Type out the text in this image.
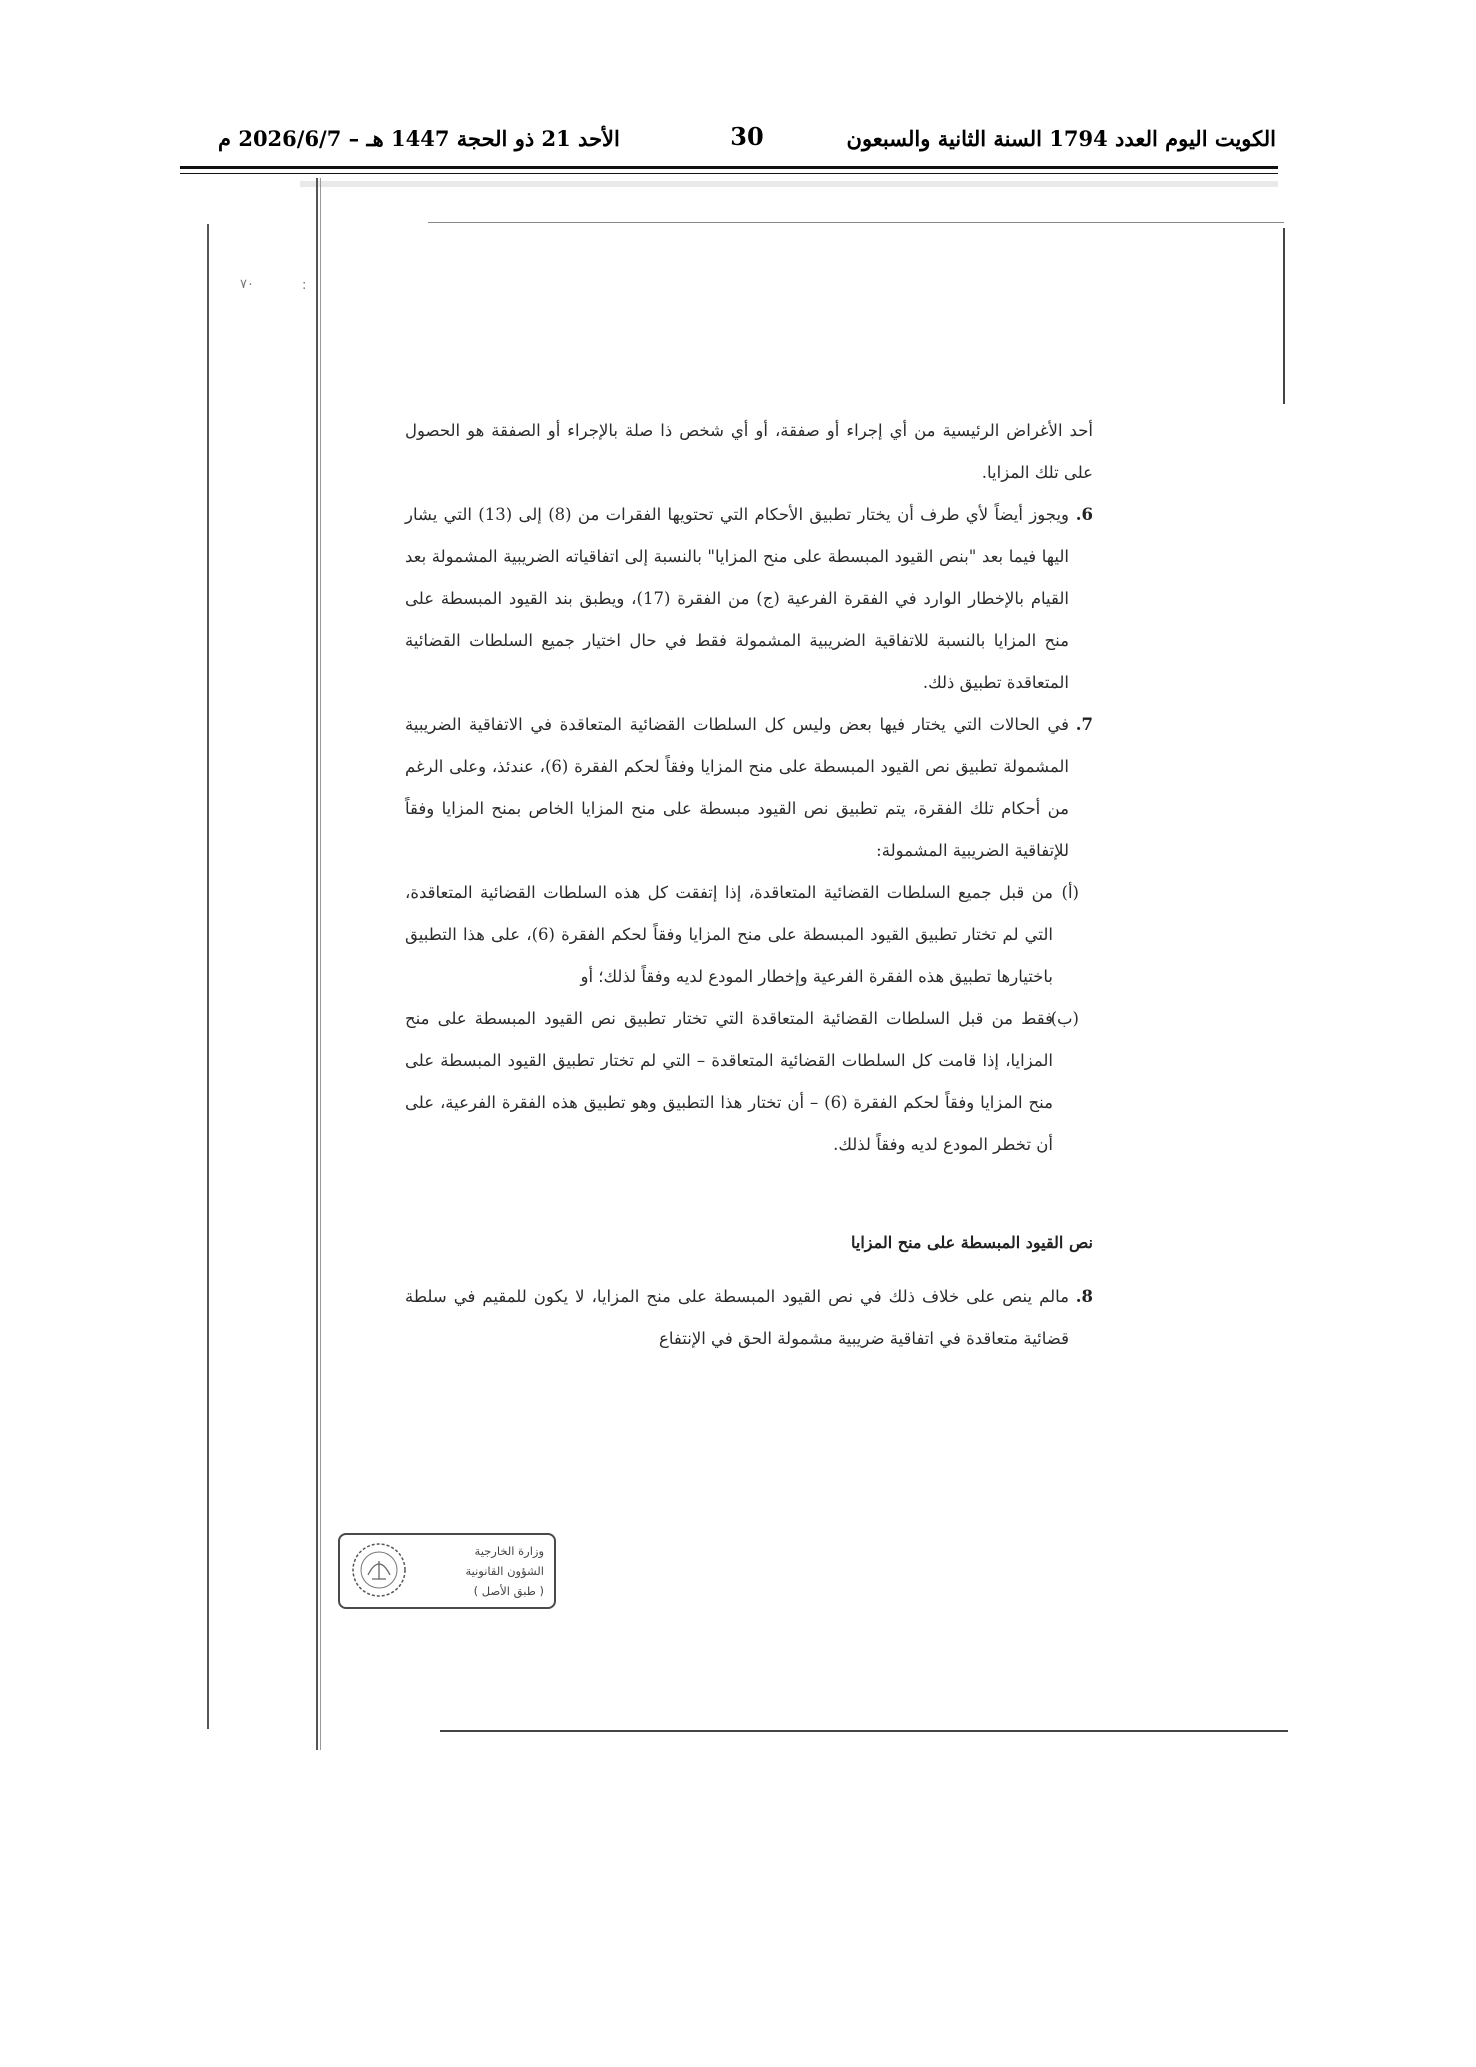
الكويت اليوم العدد 1794 السنة الثانية والسبعون
30
الأحد 21 ذو الحجة 1447 هـ – 2026/6/7 م
٧٠	:

أحد الأغراض الرئيسية من أي إجراء أو صفقة، أو أي شخص ذا صلة بالإجراء أو الصفقة هو الحصول على تلك المزايا.

6.
ويجوز أيضاً لأي طرف أن يختار تطبيق الأحكام التي تحتويها الفقرات من (8) إلى (13) التي يشار اليها فيما بعد "بنص القيود المبسطة على منح المزايا" بالنسبة إلى اتفاقياته الضريبية المشمولة بعد القيام بالإخطار الوارد في الفقرة الفرعية (ج) من الفقرة (17)، ويطبق بند القيود المبسطة على منح المزايا بالنسبة للاتفاقية الضريبية المشمولة فقط في حال اختيار جميع السلطات القضائية المتعاقدة تطبيق ذلك.

7.
في الحالات التي يختار فيها بعض وليس كل السلطات القضائية المتعاقدة في الاتفاقية الضريبية المشمولة تطبيق نص القيود المبسطة على منح المزايا وفقاً لحكم الفقرة (6)، عندئذ، وعلى الرغم من أحكام تلك الفقرة، يتم تطبيق نص القيود مبسطة على منح المزايا الخاص بمنح المزايا وفقاً للإتفاقية الضريبية المشمولة:

(أ)
من قبل جميع السلطات القضائية المتعاقدة، إذا إتفقت كل هذه السلطات القضائية المتعاقدة، التي لم تختار تطبيق القيود المبسطة على منح المزايا وفقاً لحكم الفقرة (6)، على هذا التطبيق باختيارها تطبيق هذه الفقرة الفرعية وإخطار المودع لديه وفقاً لذلك؛ أو

(ب)
فقط من قبل السلطات القضائية المتعاقدة التي تختار تطبيق نص القيود المبسطة على منح المزايا، إذا قامت كل السلطات القضائية المتعاقدة – التي لم تختار تطبيق القيود المبسطة على منح المزايا وفقاً لحكم الفقرة (6) – أن تختار هذا التطبيق وهو تطبيق هذه الفقرة الفرعية، على أن تخطر المودع لديه وفقاً لذلك.

نص القيود المبسطة على منح المزايا

8.
مالم ينص على خلاف ذلك في نص القيود المبسطة على منح المزايا، لا يكون للمقيم في سلطة قضائية متعاقدة في اتفاقية ضريبية مشمولة الحق في الإنتفاع

وزارة الخارجية
الشؤون القانونية
( طبق الأصل )
